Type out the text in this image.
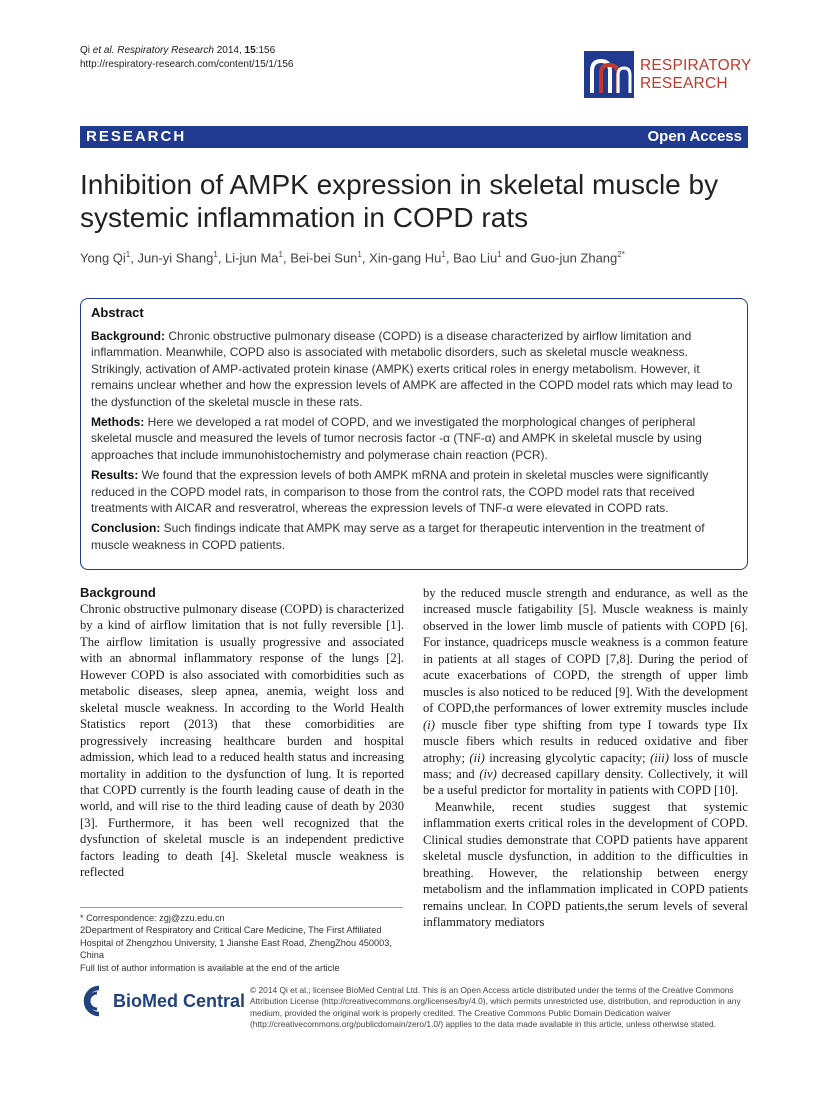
Qi et al. Respiratory Research 2014, 15:156
http://respiratory-research.com/content/15/1/156	RESPIRATORY
RESEARCH
RESEARCH	Open Access
Inhibition of AMPK expression in skeletal muscle by systemic inflammation in COPD rats
Yong Qi$^1$, Jun-yi Shang$^1$, Li-jun Ma$^1$, Bei-bei Sun$^1$, Xin-gang Hu$^1$, Bao Liu$^1$ and Guo-jun Zhang$^{2*}$
Abstract

Background: Chronic obstructive pulmonary disease (COPD) is a disease characterized by airflow limitation and inflammation. Meanwhile, COPD also is associated with metabolic disorders, such as skeletal muscle weakness. Strikingly, activation of AMP-activated protein kinase (AMPK) exerts critical roles in energy metabolism. However, it remains unclear whether and how the expression levels of AMPK are affected in the COPD model rats which may lead to the dysfunction of the skeletal muscle in these rats.

Methods: Here we developed a rat model of COPD, and we investigated the morphological changes of peripheral skeletal muscle and measured the levels of tumor necrosis factor -α (TNF-α) and AMPK in skeletal muscle by using approaches that include immunohistochemistry and polymerase chain reaction (PCR).

Results: We found that the expression levels of both AMPK mRNA and protein in skeletal muscles were significantly reduced in the COPD model rats, in comparison to those from the control rats, the COPD model rats that received treatments with AICAR and resveratrol, whereas the expression levels of TNF-α were elevated in COPD rats.

Conclusion: Such findings indicate that AMPK may serve as a target for therapeutic intervention in the treatment of muscle weakness in COPD patients.

Background

Chronic obstructive pulmonary disease (COPD) is characterized by a kind of airflow limitation that is not fully reversible [1]. The airflow limitation is usually progressive and associated with an abnormal inflammatory response of the lungs [2]. However COPD is also associated with comorbidities such as metabolic diseases, sleep apnea, anemia, weight loss and skeletal muscle weakness. In according to the World Health Statistics report (2013) that these comorbidities are progressively increasing healthcare burden and hospital admission, which lead to a reduced health status and increasing mortality in addition to the dysfunction of lung. It is reported that COPD currently is the fourth leading cause of death in the world, and will rise to the third leading cause of death by 2030 [3]. Furthermore, it has been well recognized that the dysfunction of skeletal muscle is an independent predictive factors leading to death [4]. Skeletal muscle weakness is reflected

by the reduced muscle strength and endurance, as well as the increased muscle fatigability [5]. Muscle weakness is mainly observed in the lower limb muscle of patients with COPD [6]. For instance, quadriceps muscle weakness is a common feature in patients at all stages of COPD [7,8]. During the period of acute exacerbations of COPD, the strength of upper limb muscles is also noticed to be reduced [9]. With the development of COPD,the performances of lower extremity muscles include (i) muscle fiber type shifting from type I towards type IIx muscle fibers which results in reduced oxidative and fiber atrophy; (ii) increasing glycolytic capacity; (iii) loss of muscle mass; and (iv) decreased capillary density. Collectively, it will be a useful predictor for mortality in patients with COPD [10].

Meanwhile, recent studies suggest that systemic inflammation exerts critical roles in the development of COPD. Clinical studies demonstrate that COPD patients have apparent skeletal muscle dysfunction, in addition to the difficulties in breathing. However, the relationship between energy metabolism and the inflammation implicated in COPD patients remains unclear. In COPD patients,the serum levels of several inflammatory mediators

* Correspondence: zgj@zzu.edu.cn

2Department of Respiratory and Critical Care Medicine, The First Affiliated Hospital of Zhengzhou University, 1 Jianshe East Road, ZhengZhou 450003, China

Full list of author information is available at the end of the article

BioMed Central
© 2014 Qi et al.; licensee BioMed Central Ltd. This is an Open Access article distributed under the terms of the Creative Commons Attribution License (http://creativecommons.org/licenses/by/4.0), which permits unrestricted use, distribution, and reproduction in any medium, provided the original work is properly credited. The Creative Commons Public Domain Dedication waiver (http://creativecommons.org/publicdomain/zero/1.0/) applies to the data made available in this article, unless otherwise stated.
